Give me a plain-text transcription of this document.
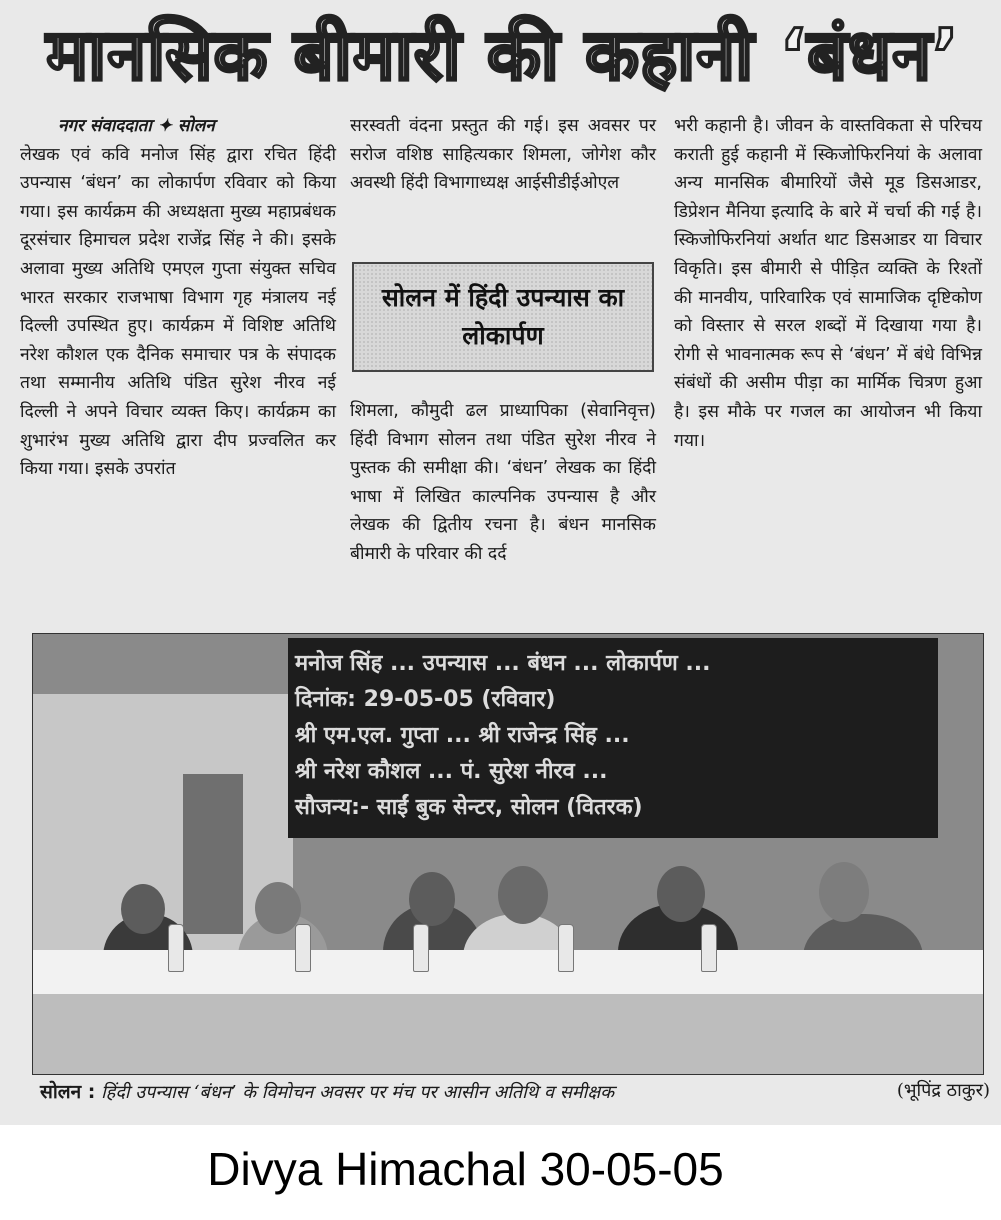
मानसिक बीमारी की कहानी ‘बंधन’
नगर संवाददाता ✦ सोलन
लेखक एवं कवि मनोज सिंह द्वारा रचित हिंदी उपन्यास ‘बंधन’ का लोकार्पण रविवार को किया गया। इस कार्यक्रम की अध्यक्षता मुख्य महाप्रबंधक दूरसंचार हिमाचल प्रदेश राजेंद्र सिंह ने की। इसके अलावा मुख्य अतिथि एमएल गुप्ता संयुक्त सचिव भारत सरकार राजभाषा विभाग गृह मंत्रालय नई दिल्ली उपस्थित हुए। कार्यक्रम में विशिष्ट अतिथि नरेश कौशल एक दैनिक समाचार पत्र के संपादक तथा सम्मानीय अतिथि पंडित सुरेश नीरव नई दिल्ली ने अपने विचार व्यक्त किए। कार्यक्रम का शुभारंभ मुख्य अतिथि द्वारा दीप प्रज्वलित कर किया गया। इसके उपरांत
सरस्वती वंदना प्रस्तुत की गई। इस अवसर पर सरोज वशिष्ठ साहित्यकार शिमला, जोगेश कौर अवस्थी हिंदी विभागाध्यक्ष आईसीडीईओएल
सोलन में हिंदी उपन्यास का लोकार्पण
शिमला, कौमुदी ढल प्राध्यापिका (सेवानिवृत्त) हिंदी विभाग सोलन तथा पंडित सुरेश नीरव ने पुस्तक की समीक्षा की। ‘बंधन’ लेखक का हिंदी भाषा में लिखित काल्पनिक उपन्यास है और लेखक की द्वितीय रचना है। बंधन मानसिक बीमारी के परिवार की दर्द
भरी कहानी है। जीवन के वास्तविकता से परिचय कराती हुई कहानी में स्किजोफिरनियां के अलावा अन्य मानसिक बीमारियों जैसे मूड डिसआडर, डिप्रेशन मैनिया इत्यादि के बारे में चर्चा की गई है। स्किजोफिरनियां अर्थात थाट डिसआडर या विचार विकृति। इस बीमारी से पीड़ित व्यक्ति के रिश्तों की मानवीय, पारिवारिक एवं सामाजिक दृष्टिकोण को विस्तार से सरल शब्दों में दिखाया गया है। रोगी से भावनात्मक रूप से ‘बंधन’ में बंधे विभिन्न संबंधों की असीम पीड़ा का मार्मिक चित्रण हुआ है। इस मौके पर गजल का आयोजन भी किया गया।
मनोज सिंह ... उपन्यास ... बंधन ... लोकार्पण ...
दिनांक: 29-05-05 (रविवार)
श्री एम.एल. गुप्ता ... श्री राजेन्द्र सिंह ...
श्री नरेश कौशल ... पं. सुरेश नीरव ...
सौजन्य:- साईं बुक सेन्टर, सोलन (वितरक)
सोलन : हिंदी उपन्यास ‘बंधन’ के विमोचन अवसर पर मंच पर आसीन अतिथि व समीक्षक	(भूपिंद्र ठाकुर)
Divya Himachal 30-05-05
